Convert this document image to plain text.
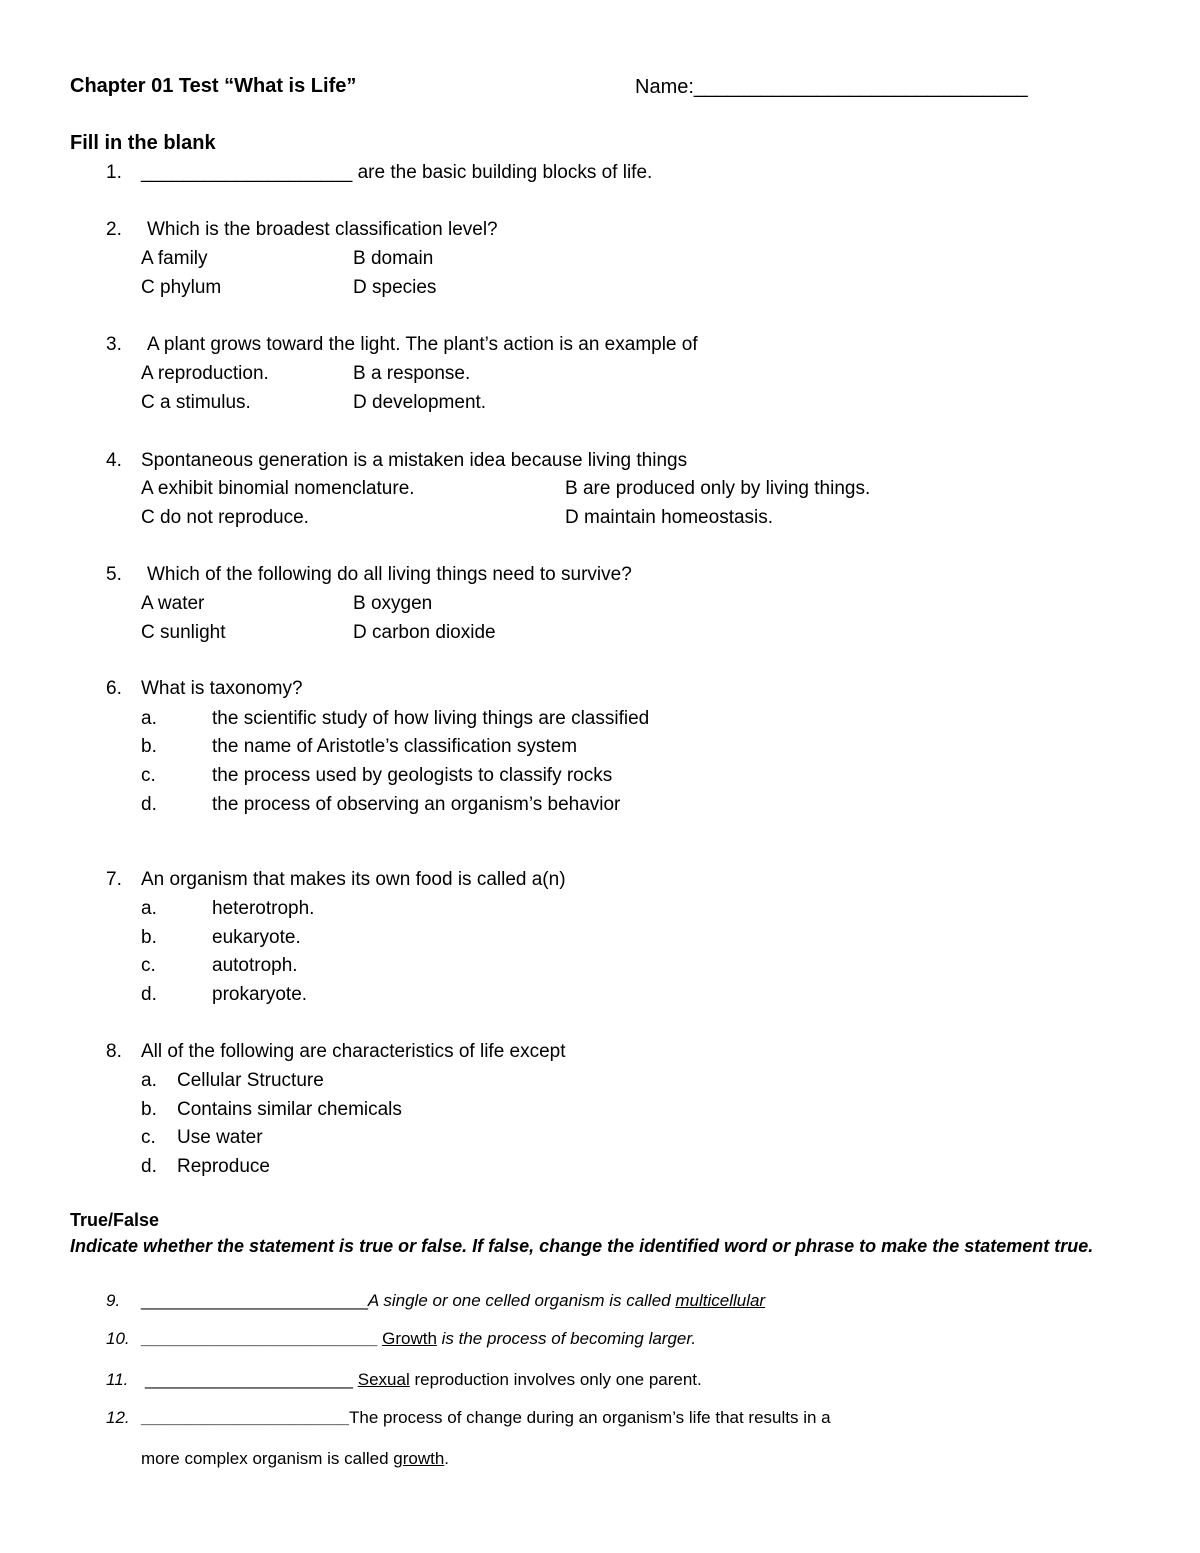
Chapter 01 Test “What is Life”	Name:______________________________
Fill in the blank
1. ____________________ are the basic building blocks of life.
2. Which is the broadest classification level?
A family	B domain
C phylum	D species
3. A plant grows toward the light. The plant’s action is an example of
A reproduction.	B a response.
C a stimulus.	D development.
4. Spontaneous generation is a mistaken idea because living things
A exhibit binomial nomenclature.	B are produced only by living things.
C do not reproduce.	D maintain homeostasis.
5. Which of the following do all living things need to survive?
A water	B oxygen
C sunlight	D carbon dioxide
6. What is taxonomy?
a.	the scientific study of how living things are classified
b.	the name of Aristotle’s classification system
c.	the process used by geologists to classify rocks
d.	the process of observing an organism’s behavior
7. An organism that makes its own food is called a(n)
a.	heterotroph.
b.	eukaryote.
c.	autotroph.
d.	prokaryote.
8. All of the following are characteristics of life except
a. Cellular Structure
b. Contains similar chemicals
c. Use water
d. Reproduce
True/False
Indicate whether the statement is true or false. If false, change the identified word or phrase to make the statement true.
9. ________________________A single or one celled organism is called multicellular
10. _________________________ Growth is the process of becoming larger.
11. ______________________ Sexual reproduction involves only one parent.
12. ______________________The process of change during an organism’s life that results in a
more complex organism is called growth.
